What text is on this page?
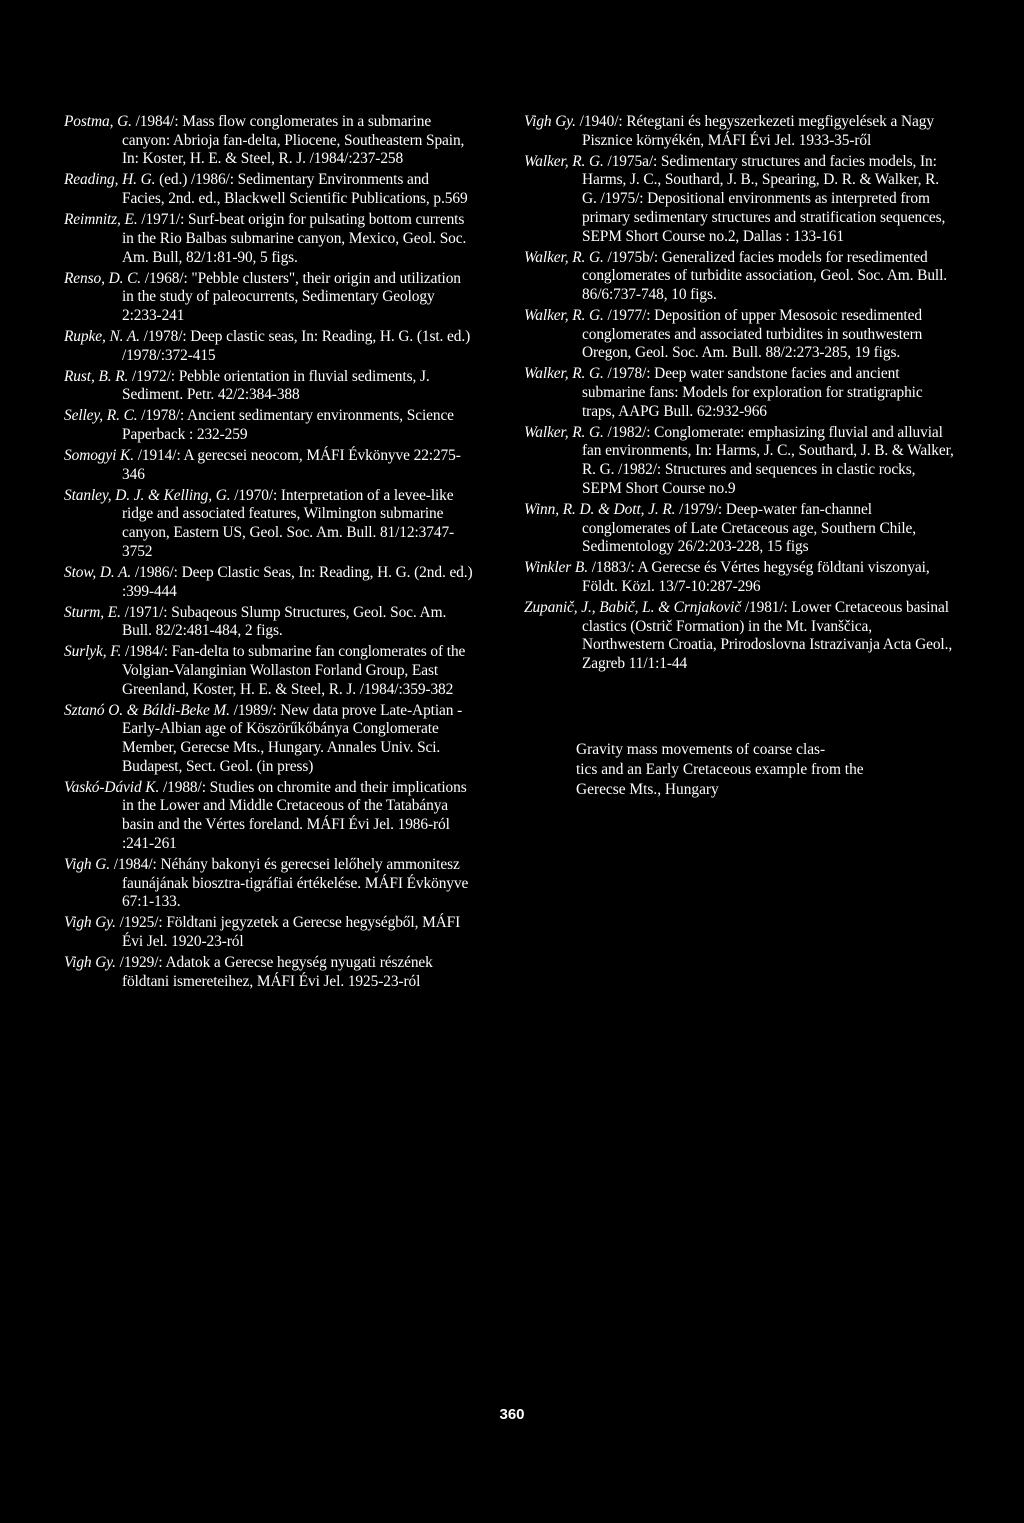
Postma, G. /1984/: Mass flow conglomerates in a submarine canyon: Abrioja fan-delta, Pliocene, Southeastern Spain, In: Koster, H. E. & Steel, R. J. /1984/:237-258

Reading, H. G. (ed.) /1986/: Sedimentary Environments and Facies, 2nd. ed., Blackwell Scientific Publications, p.569

Reimnitz, E. /1971/: Surf-beat origin for pulsating bottom currents in the Rio Balbas submarine canyon, Mexico, Geol. Soc. Am. Bull, 82/1:81-90, 5 figs.

Renso, D. C. /1968/: "Pebble clusters", their origin and utilization in the study of paleocurrents, Sedimentary Geology 2:233-241

Rupke, N. A. /1978/: Deep clastic seas, In: Reading, H. G. (1st. ed.) /1978/:372-415

Rust, B. R. /1972/: Pebble orientation in fluvial sediments, J. Sediment. Petr. 42/2:384-388

Selley, R. C. /1978/: Ancient sedimentary environments, Science Paperback : 232-259

Somogyi K. /1914/: A gerecsei neocom, MÁFI Évkönyve 22:275-346

Stanley, D. J. & Kelling, G. /1970/: Interpretation of a levee-like ridge and associated features, Wilmington submarine canyon, Eastern US, Geol. Soc. Am. Bull. 81/12:3747-3752

Stow, D. A. /1986/: Deep Clastic Seas, In: Reading, H. G. (2nd. ed.) :399-444

Sturm, E. /1971/: Subaqeous Slump Structures, Geol. Soc. Am. Bull. 82/2:481-484, 2 figs.

Surlyk, F. /1984/: Fan-delta to submarine fan conglomerates of the Volgian-Valanginian Wollaston Forland Group, East Greenland, Koster, H. E. & Steel, R. J. /1984/:359-382

Sztanó O. & Báldi-Beke M. /1989/: New data prove Late-Aptian -Early-Albian age of Köszörűkőbánya Conglomerate Member, Gerecse Mts., Hungary. Annales Univ. Sci. Budapest, Sect. Geol. (in press)

Vaskó-Dávid K. /1988/: Studies on chromite and their implications in the Lower and Middle Cretaceous of the Tatabánya basin and the Vértes foreland. MÁFI Évi Jel. 1986-ról :241-261

Vigh G. /1984/: Néhány bakonyi és gerecsei lelőhely ammonitesz faunájának biosztra-tigráfiai értékelése. MÁFI Évkönyve 67:1-133.

Vigh Gy. /1925/: Földtani jegyzetek a Gerecse hegységből, MÁFI Évi Jel. 1920-23-ról

Vigh Gy. /1929/: Adatok a Gerecse hegység nyugati részének földtani ismereteihez, MÁFI Évi Jel. 1925-23-ról

Vigh Gy. /1940/: Rétegtani és hegyszerkezeti megfigyelések a Nagy Pisznice környékén, MÁFI Évi Jel. 1933-35-ről

Walker, R. G. /1975a/: Sedimentary structures and facies models, In: Harms, J. C., Southard, J. B., Spearing, D. R. & Walker, R. G. /1975/: Depositional environments as interpreted from primary sedimentary structures and stratification sequences, SEPM Short Course no.2, Dallas : 133-161

Walker, R. G. /1975b/: Generalized facies models for resedimented conglomerates of turbidite association, Geol. Soc. Am. Bull. 86/6:737-748, 10 figs.

Walker, R. G. /1977/: Deposition of upper Mesosoic resedimented conglomerates and associated turbidites in southwestern Oregon, Geol. Soc. Am. Bull. 88/2:273-285, 19 figs.

Walker, R. G. /1978/: Deep water sandstone facies and ancient submarine fans: Models for exploration for stratigraphic traps, AAPG Bull. 62:932-966

Walker, R. G. /1982/: Conglomerate: emphasizing fluvial and alluvial fan environments, In: Harms, J. C., Southard, J. B. & Walker, R. G. /1982/: Structures and sequences in clastic rocks, SEPM Short Course no.9

Winn, R. D. & Dott, J. R. /1979/: Deep-water fan-channel conglomerates of Late Cretaceous age, Southern Chile, Sedimentology 26/2:203-228, 15 figs

Winkler B. /1883/: A Gerecse és Vértes hegység földtani viszonyai, Földt. Közl. 13/7-10:287-296

Zupanič, J., Babič, L. & Crnjakovič /1981/: Lower Cretaceous basinal clastics (Ostrič Formation) in the Mt. Ivanščica, Northwestern Croatia, Prirodoslovna Istrazivanja Acta Geol., Zagreb 11/1:1-44

Gravity mass movements of coarse clas-
tics and an Early Cretaceous example from the
Gerecse Mts., Hungary
360
